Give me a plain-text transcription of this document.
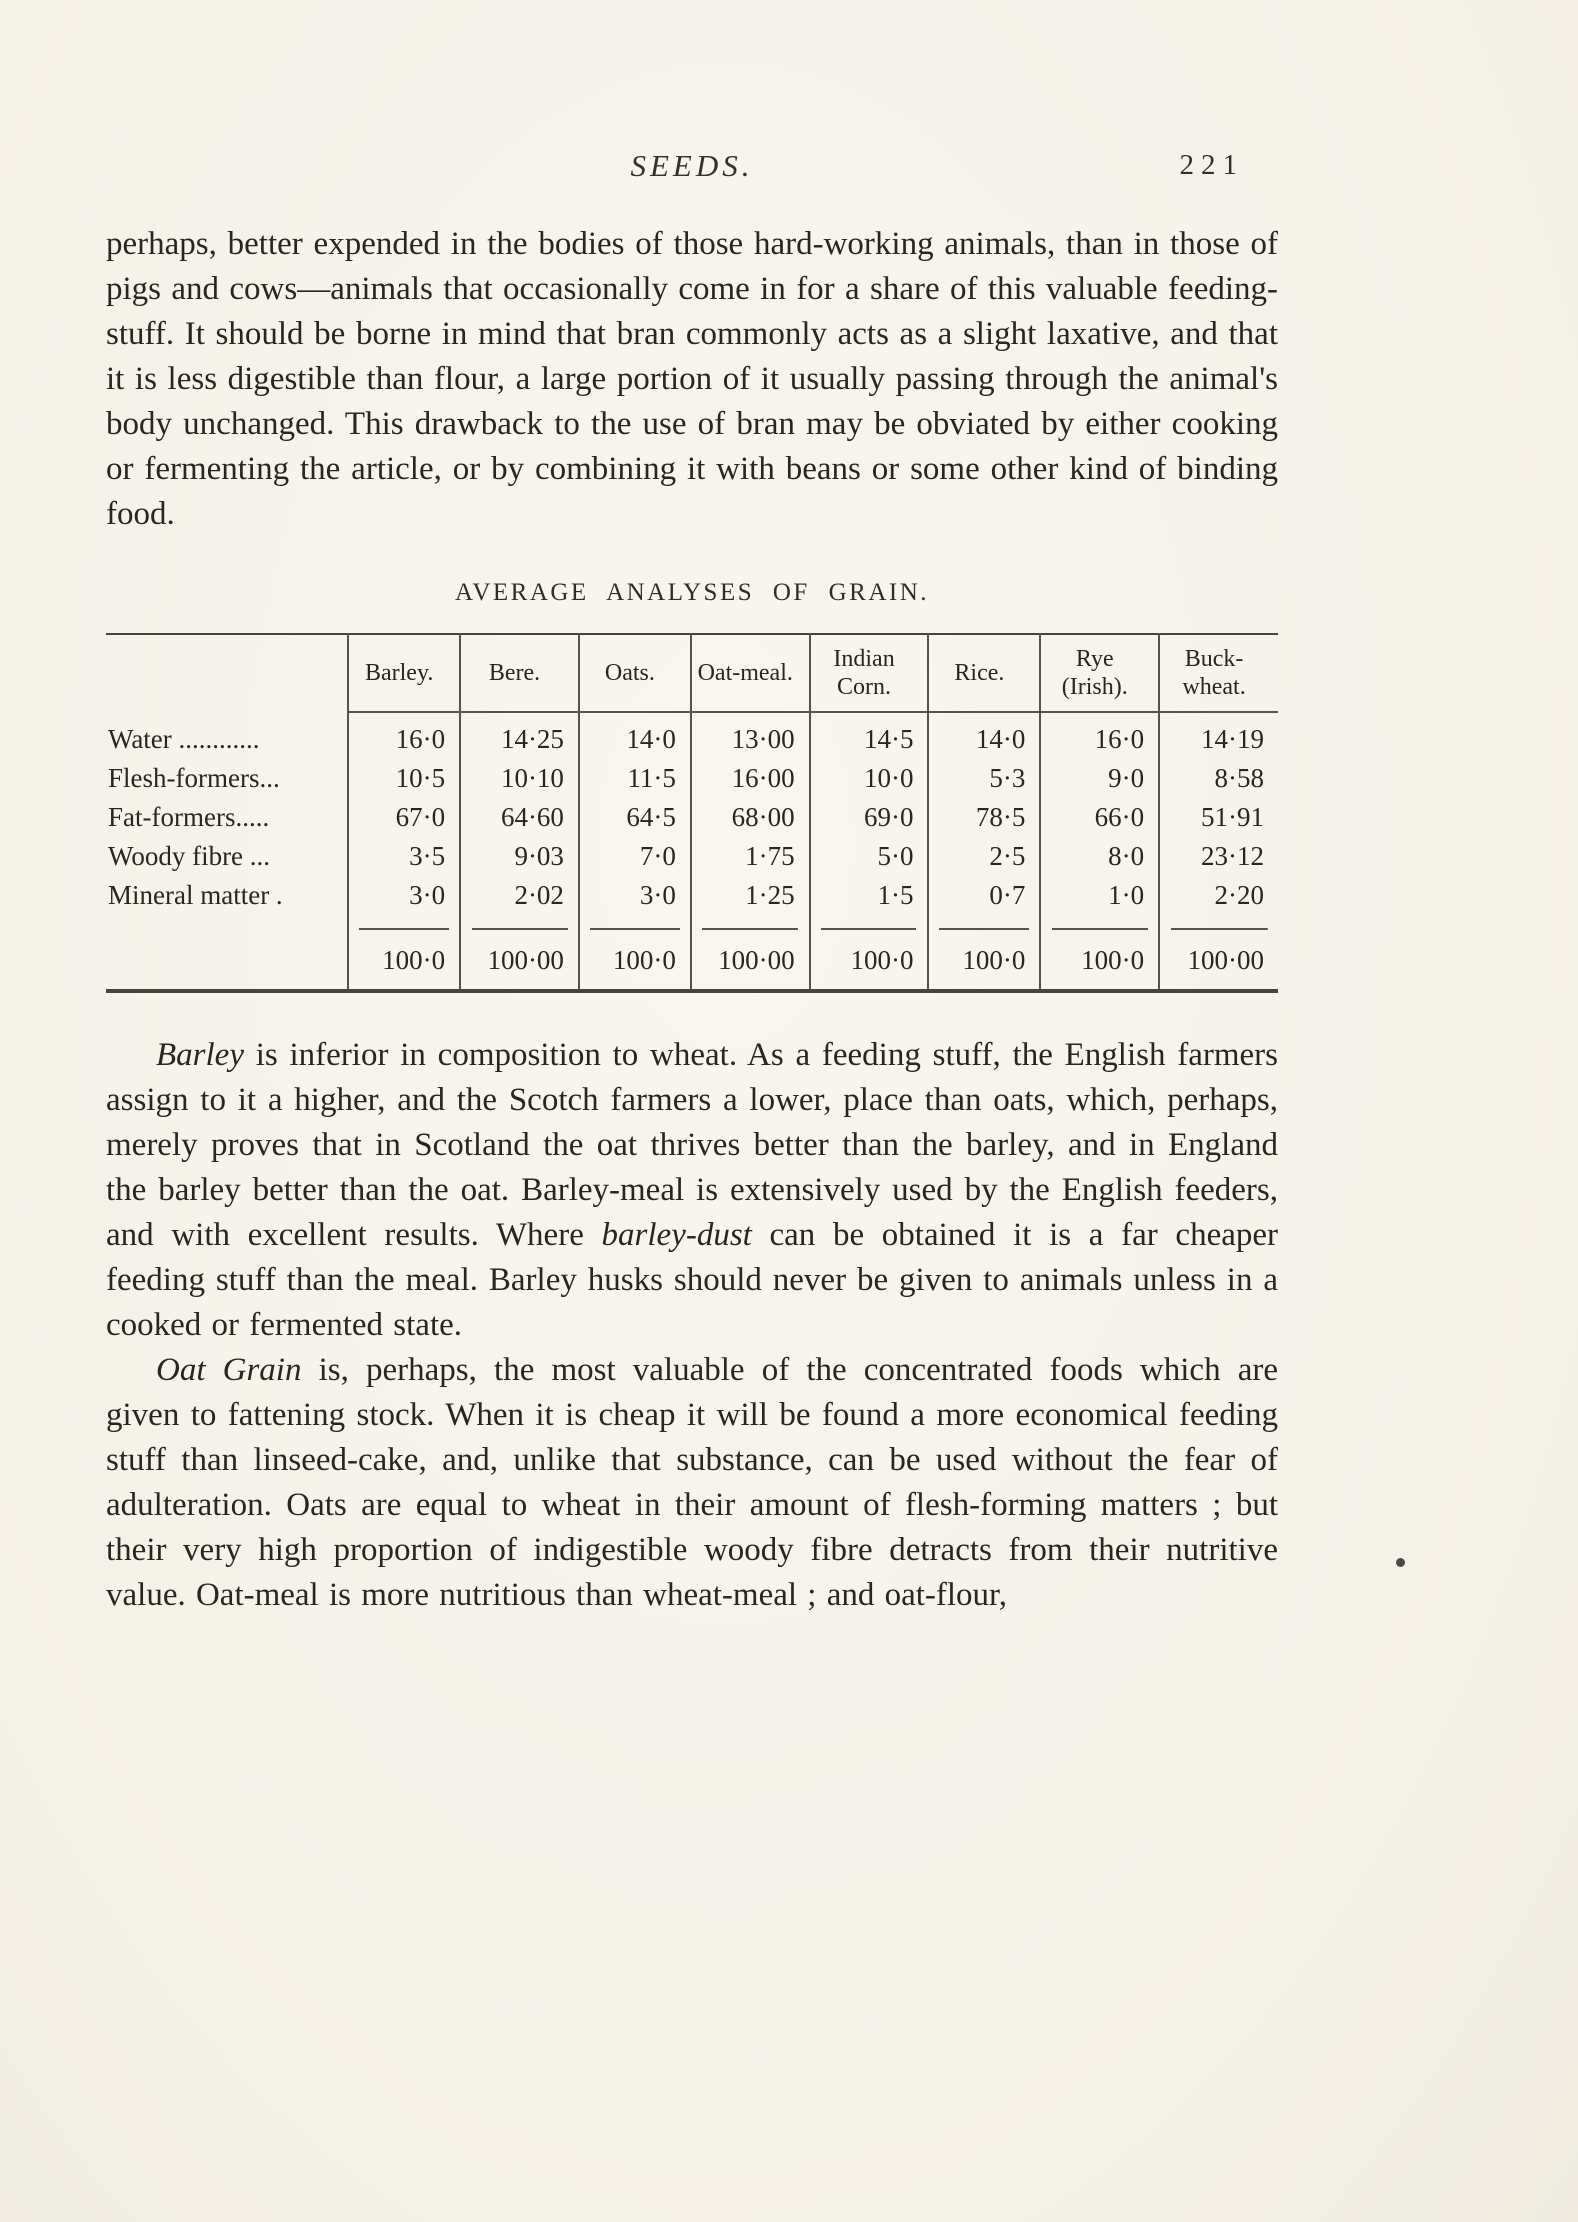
SEEDS.	221

perhaps, better expended in the bodies of those hard-working animals, than in those of pigs and cows—animals that occasionally come in for a share of this valuable feeding-stuff. It should be borne in mind that bran commonly acts as a slight laxative, and that it is less digestible than flour, a large portion of it usually passing through the animal's body unchanged. This drawback to the use of bran may be obviated by either cooking or fermenting the article, or by combining it with beans or some other kind of binding food.

AVERAGE ANALYSES OF GRAIN.
	Barley.	Bere.	Oats.	Oat-meal.	Indian Corn.	Rice.	Rye (Irish).	Buck-wheat.
Water ............	16·0	14·25	14·0	13·00	14·5	14·0	16·0	14·19
Flesh-formers...	10·5	10·10	11·5	16·00	10·0	5·3	9·0	8·58
Fat-formers.....	67·0	64·60	64·5	68·00	69·0	78·5	66·0	51·91
Woody fibre ...	3·5	9·03	7·0	1·75	5·0	2·5	8·0	23·12
Mineral matter .	3·0	2·02	3·0	1·25	1·5	0·7	1·0	2·20
	100·0	100·00	100·0	100·00	100·0	100·0	100·0	100·00

Barley is inferior in composition to wheat. As a feeding stuff, the English farmers assign to it a higher, and the Scotch farmers a lower, place than oats, which, perhaps, merely proves that in Scotland the oat thrives better than the barley, and in England the barley better than the oat. Barley-meal is extensively used by the English feeders, and with excellent results. Where barley-dust can be obtained it is a far cheaper feeding stuff than the meal. Barley husks should never be given to animals unless in a cooked or fermented state.

Oat Grain is, perhaps, the most valuable of the concentrated foods which are given to fattening stock. When it is cheap it will be found a more economical feeding stuff than linseed-cake, and, unlike that substance, can be used without the fear of adulteration. Oats are equal to wheat in their amount of flesh-forming matters ; but their very high proportion of indigestible woody fibre detracts from their nutritive value. Oat-meal is more nutritious than wheat-meal ; and oat-flour,
